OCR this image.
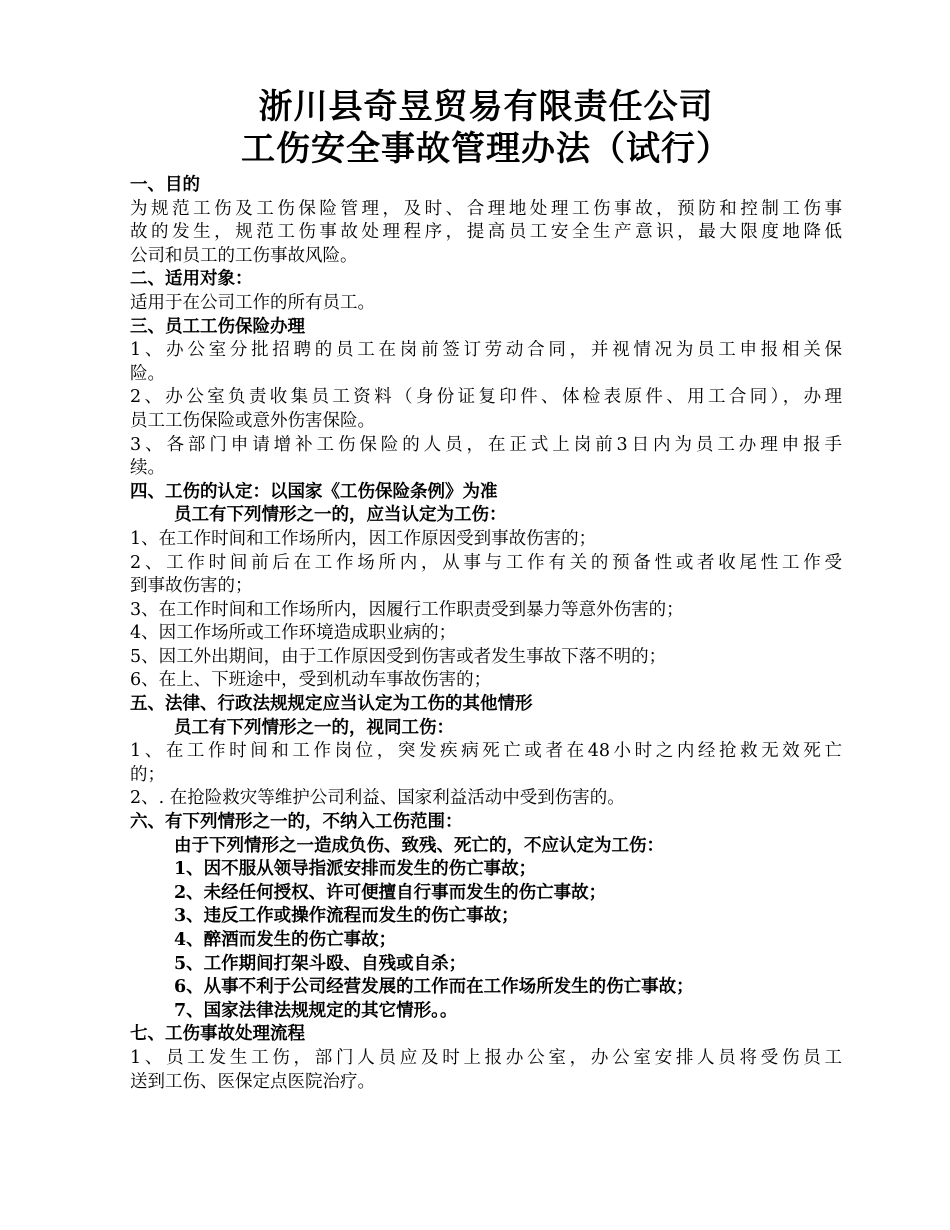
浙川县奇昱贸易有限责任公司
工伤安全事故管理办法（试行）
一、目的
为规范工伤及工伤保险管理，及时、合理地处理工伤事故，预防和控制工伤事
故的发生，规范工伤事故处理程序，提高员工安全生产意识，最大限度地降低
公司和员工的工伤事故风险。
二、适用对象：
适用于在公司工作的所有员工。
三、员工工伤保险办理
1、办公室分批招聘的员工在岗前签订劳动合同，并视情况为员工申报相关保
险。
2、办公室负责收集员工资料（身份证复印件、体检表原件、用工合同），办理
员工工伤保险或意外伤害保险。
3、各部门申请增补工伤保险的人员，在正式上岗前3日内为员工办理申报手
续。
四、工伤的认定：以国家《工伤保险条例》为准
员工有下列情形之一的，应当认定为工伤：
1、在工作时间和工作场所内，因工作原因受到事故伤害的；
2、工作时间前后在工作场所内，从事与工作有关的预备性或者收尾性工作受
到事故伤害的；
3、在工作时间和工作场所内，因履行工作职责受到暴力等意外伤害的；
4、因工作场所或工作环境造成职业病的；
5、因工外出期间，由于工作原因受到伤害或者发生事故下落不明的；
6、在上、下班途中，受到机动车事故伤害的；
五、法律、行政法规规定应当认定为工伤的其他情形
员工有下列情形之一的，视同工伤：
1、在工作时间和工作岗位，突发疾病死亡或者在48小时之内经抢救无效死亡
的；
2、. 在抢险救灾等维护公司利益、国家利益活动中受到伤害的。
六、有下列情形之一的，不纳入工伤范围：
由于下列情形之一造成负伤、致残、死亡的，不应认定为工伤：
1、因不服从领导指派安排而发生的伤亡事故；
2、未经任何授权、许可便擅自行事而发生的伤亡事故；
3、违反工作或操作流程而发生的伤亡事故；
4、醉酒而发生的伤亡事故；
5、工作期间打架斗殴、自残或自杀；
6、从事不利于公司经营发展的工作而在工作场所发生的伤亡事故；
7、国家法律法规规定的其它情形。。
七、工伤事故处理流程
1、员工发生工伤，部门人员应及时上报办公室，办公室安排人员将受伤员工
送到工伤、医保定点医院治疗。
